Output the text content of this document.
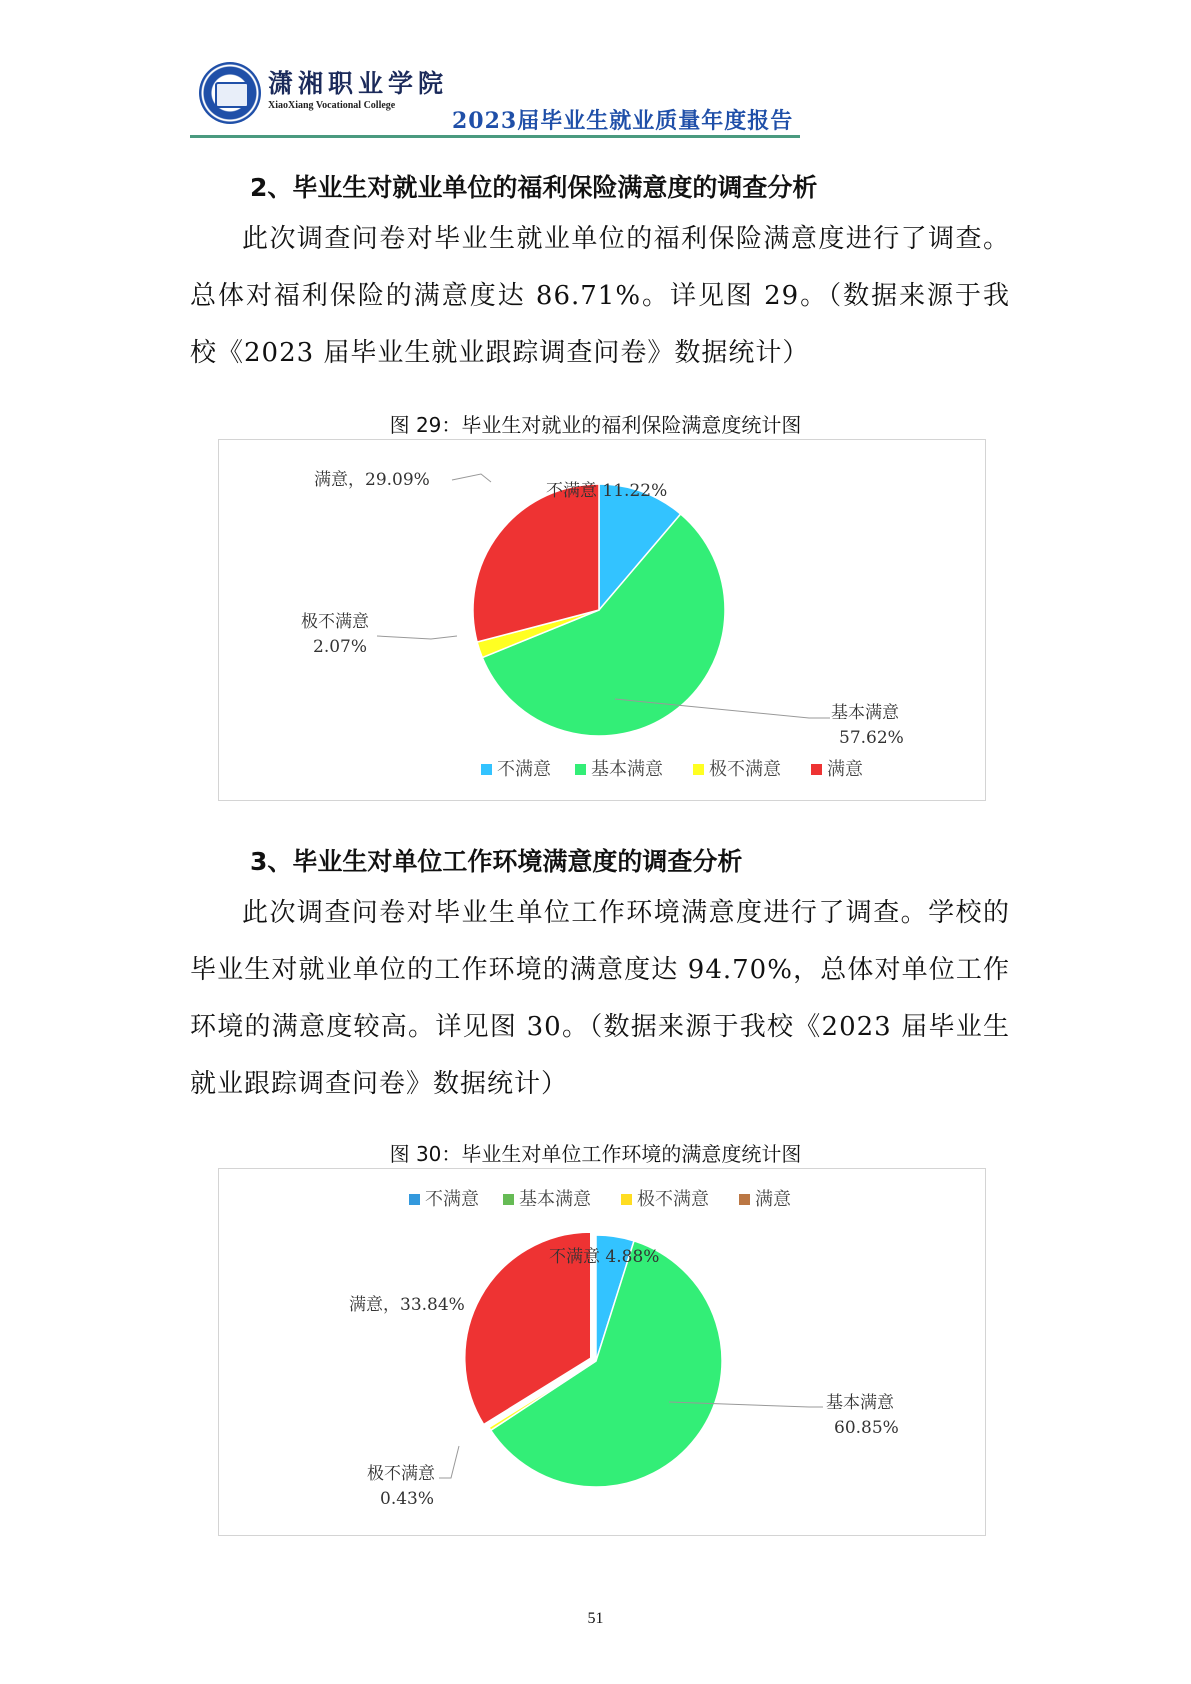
潇湘职业学院
XiaoXiang Vocational College
2023届毕业生就业质量年度报告
2、毕业生对就业单位的福利保险满意度的调查分析
此次调查问卷对毕业生就业单位的福利保险满意度进行了调查。总体对福利保险的满意度达 86.71%。详见图 29。（数据来源于我校《2023 届毕业生就业跟踪调查问卷》数据统计）
图 29：毕业生对就业的福利保险满意度统计图
不满意 11.22%
基本满意
57.62%
极不满意
2.07%
满意，29.09%
不满意 基本满意	极不满意	满意
3、毕业生对单位工作环境满意度的调查分析
此次调查问卷对毕业生单位工作环境满意度进行了调查。学校的毕业生对就业单位的工作环境的满意度达 94.70%，总体对单位工作环境的满意度较高。详见图 30。（数据来源于我校《2023 届毕业生就业跟踪调查问卷》数据统计）
图 30：毕业生对单位工作环境的满意度统计图
不满意 基本满意	极不满意	满意
不满意 4.88%
基本满意
60.85%
极不满意
0.43%
满意，33.84%
51
